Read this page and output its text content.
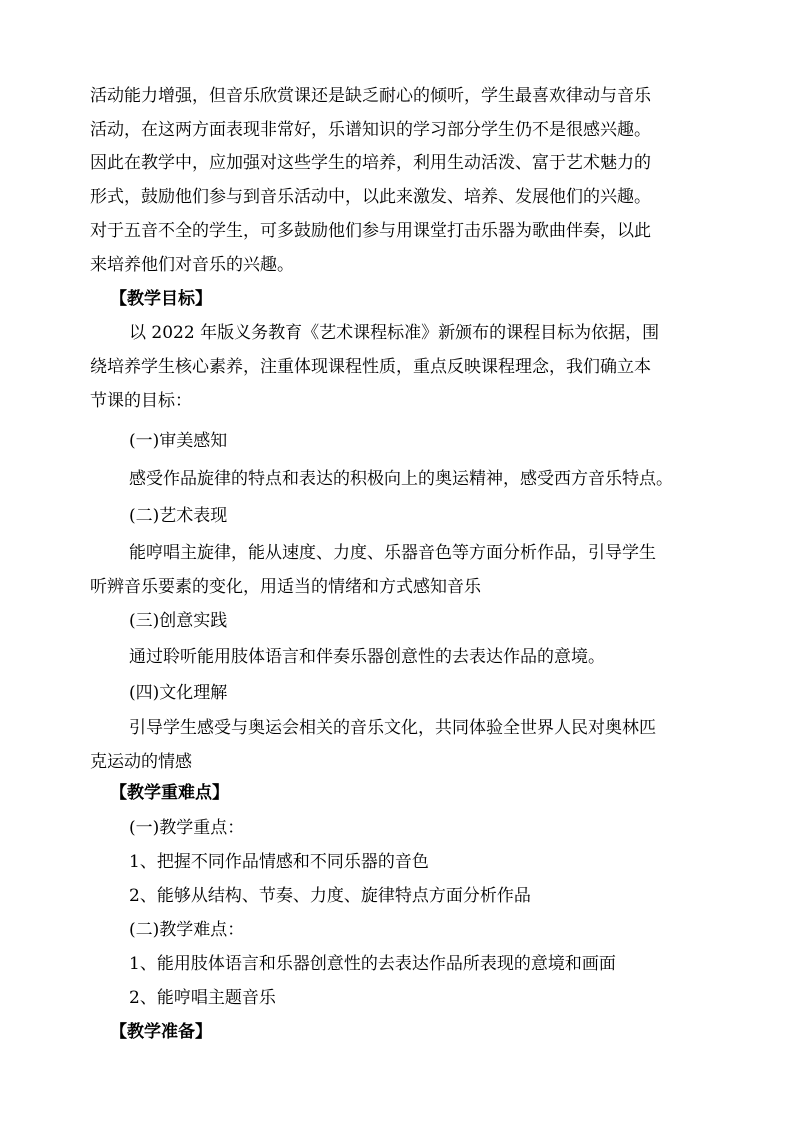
活动能力增强，但音乐欣赏课还是缺乏耐心的倾听，学生最喜欢律动与音乐
活动，在这两方面表现非常好，乐谱知识的学习部分学生仍不是很感兴趣。
因此在教学中，应加强对这些学生的培养，利用生动活泼、富于艺术魅力的
形式，鼓励他们参与到音乐活动中，以此来激发、培养、发展他们的兴趣。
对于五音不全的学生，可多鼓励他们参与用课堂打击乐器为歌曲伴奏，以此
来培养他们对音乐的兴趣。
【教学目标】
以 2022 年版义务教育《艺术课程标准》新颁布的课程目标为依据，围
绕培养学生核心素养，注重体现课程性质，重点反映课程理念，我们确立本
节课的目标：
(一)审美感知
感受作品旋律的特点和表达的积极向上的奥运精神，感受西方音乐特点。
(二)艺术表现
能哼唱主旋律，能从速度、力度、乐器音色等方面分析作品，引导学生
听辨音乐要素的变化，用适当的情绪和方式感知音乐
(三)创意实践
通过聆听能用肢体语言和伴奏乐器创意性的去表达作品的意境。
(四)文化理解
引导学生感受与奥运会相关的音乐文化，共同体验全世界人民对奥林匹
克运动的情感
【教学重难点】
(一)教学重点：
1、把握不同作品情感和不同乐器的音色
2、能够从结构、节奏、力度、旋律特点方面分析作品
(二)教学难点：
1、能用肢体语言和乐器创意性的去表达作品所表现的意境和画面
2、能哼唱主题音乐
【教学准备】
